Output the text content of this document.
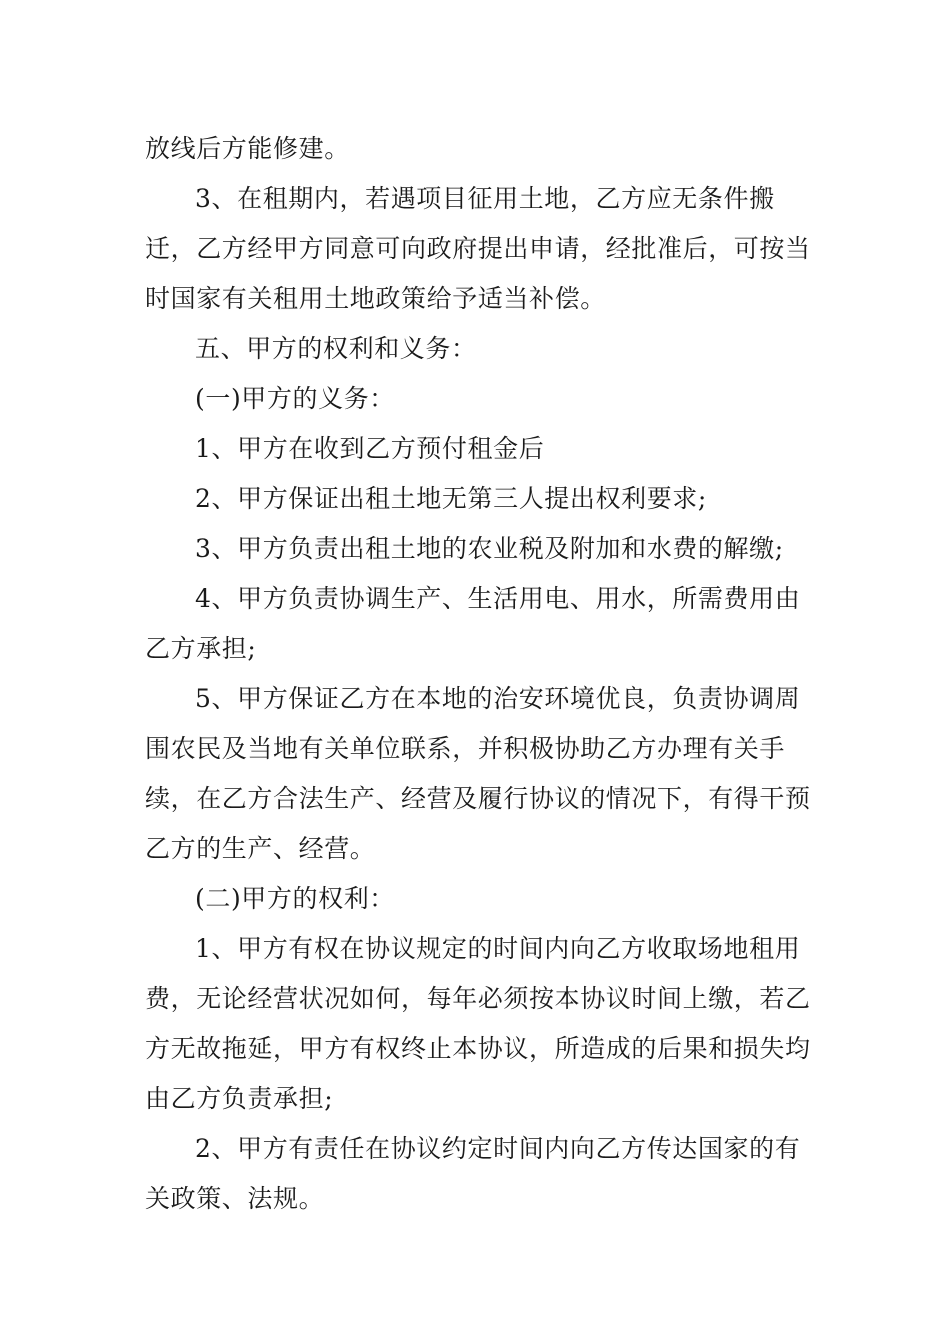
放线后方能修建。

3、在租期内，若遇项目征用土地，乙方应无条件搬迁，乙方经甲方同意可向政府提出申请，经批准后，可按当时国家有关租用土地政策给予适当补偿。

五、甲方的权利和义务：

(一)甲方的义务：

1、甲方在收到乙方预付租金后

2、甲方保证出租土地无第三人提出权利要求;

3、甲方负责出租土地的农业税及附加和水费的解缴;

4、甲方负责协调生产、生活用电、用水，所需费用由乙方承担;

5、甲方保证乙方在本地的治安环境优良，负责协调周围农民及当地有关单位联系，并积极协助乙方办理有关手续，在乙方合法生产、经营及履行协议的情况下，有得干预乙方的生产、经营。

(二)甲方的权利：

1、甲方有权在协议规定的时间内向乙方收取场地租用费，无论经营状况如何，每年必须按本协议时间上缴，若乙方无故拖延，甲方有权终止本协议，所造成的后果和损失均由乙方负责承担;

2、甲方有责任在协议约定时间内向乙方传达国家的有关政策、法规。
